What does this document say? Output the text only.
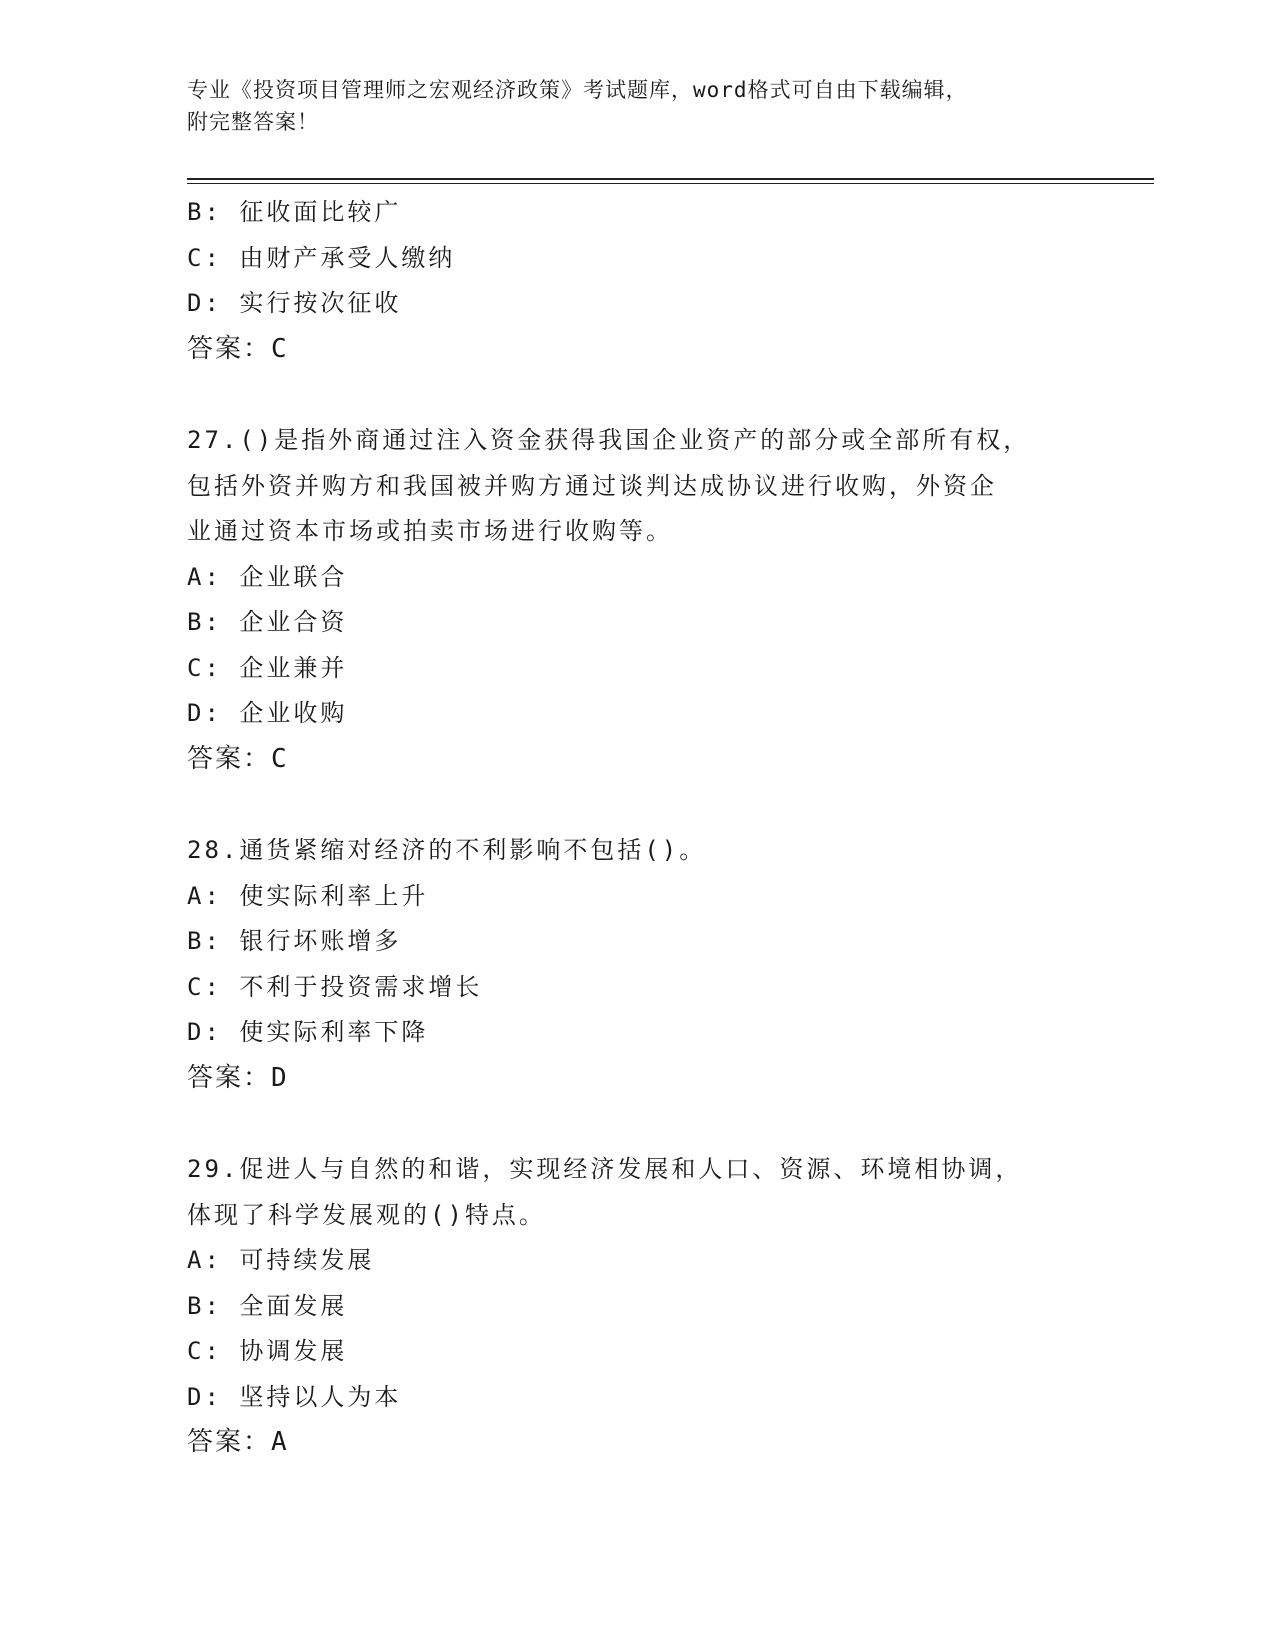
专业《投资项目管理师之宏观经济政策》考试题库，word格式可自由下载编辑，
附完整答案！
B: 征收面比较广
C: 由财产承受人缴纳
D: 实行按次征收
答案：C
27.()是指外商通过注入资金获得我国企业资产的部分或全部所有权，
包括外资并购方和我国被并购方通过谈判达成协议进行收购，外资企
业通过资本市场或拍卖市场进行收购等。
A: 企业联合
B: 企业合资
C: 企业兼并
D: 企业收购
答案：C
28.通货紧缩对经济的不利影响不包括()。
A: 使实际利率上升
B: 银行坏账增多
C: 不利于投资需求增长
D: 使实际利率下降
答案：D
29.促进人与自然的和谐，实现经济发展和人口、资源、环境相协调，
体现了科学发展观的()特点。
A: 可持续发展
B: 全面发展
C: 协调发展
D: 坚持以人为本
答案：A
